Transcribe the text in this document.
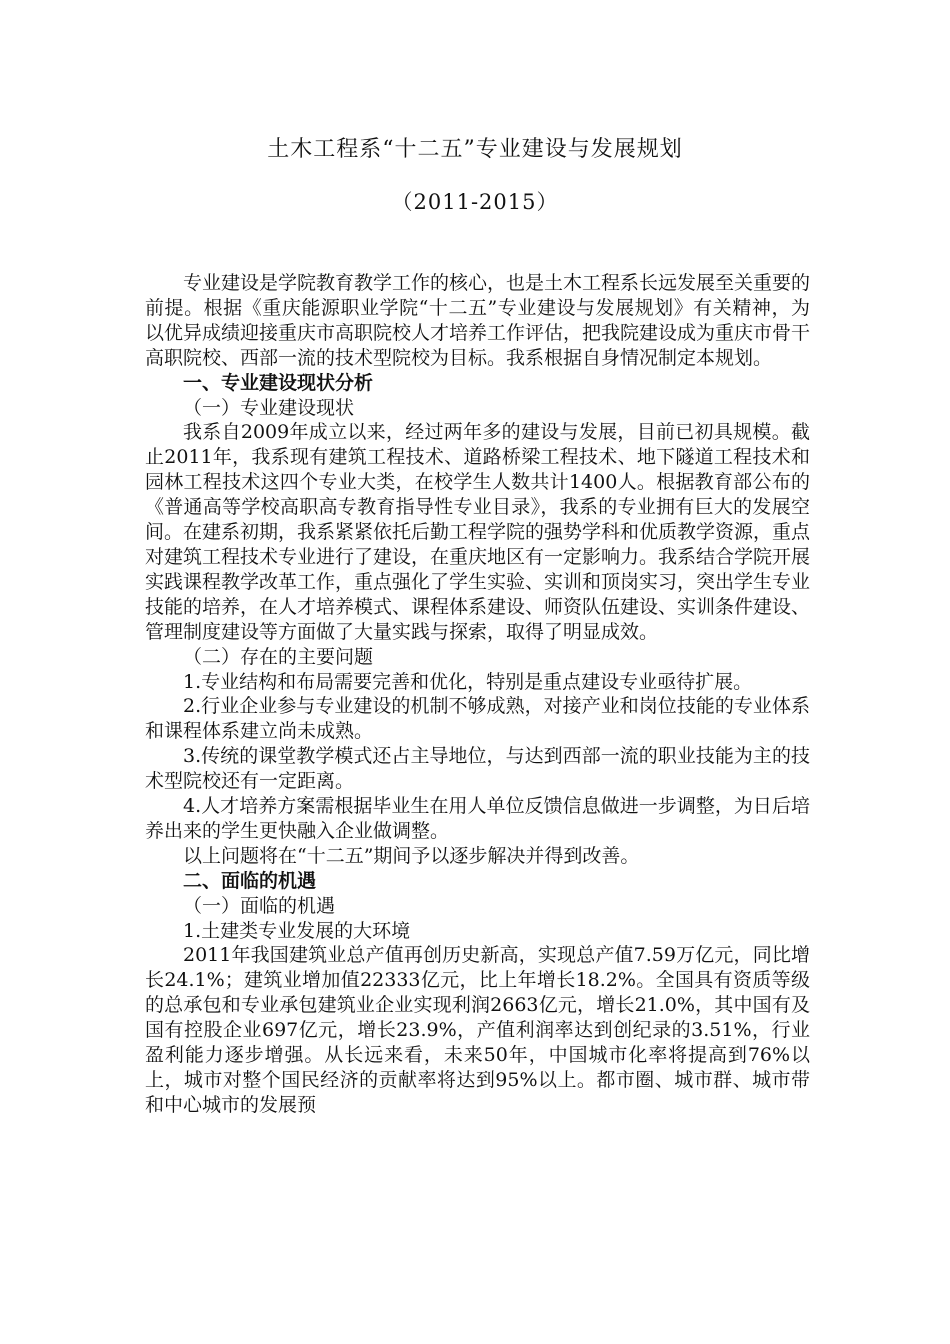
土木工程系“十二五”专业建设与发展规划
（2011-2015）

专业建设是学院教育教学工作的核心，也是土木工程系长远发展至关重要的前提。根据《重庆能源职业学院“十二五”专业建设与发展规划》有关精神，为以优异成绩迎接重庆市高职院校人才培养工作评估，把我院建设成为重庆市骨干高职院校、西部一流的技术型院校为目标。我系根据自身情况制定本规划。

一、专业建设现状分析

（一）专业建设现状

我系自2009年成立以来，经过两年多的建设与发展，目前已初具规模。截止2011年，我系现有建筑工程技术、道路桥梁工程技术、地下隧道工程技术和园林工程技术这四个专业大类，在校学生人数共计1400人。根据教育部公布的《普通高等学校高职高专教育指导性专业目录》，我系的专业拥有巨大的发展空间。在建系初期，我系紧紧依托后勤工程学院的强势学科和优质教学资源，重点对建筑工程技术专业进行了建设，在重庆地区有一定影响力。我系结合学院开展实践课程教学改革工作，重点强化了学生实验、实训和顶岗实习，突出学生专业技能的培养，在人才培养模式、课程体系建设、师资队伍建设、实训条件建设、管理制度建设等方面做了大量实践与探索，取得了明显成效。

（二）存在的主要问题

1.专业结构和布局需要完善和优化，特别是重点建设专业亟待扩展。

2.行业企业参与专业建设的机制不够成熟，对接产业和岗位技能的专业体系和课程体系建立尚未成熟。

3.传统的课堂教学模式还占主导地位，与达到西部一流的职业技能为主的技术型院校还有一定距离。

4.人才培养方案需根据毕业生在用人单位反馈信息做进一步调整，为日后培养出来的学生更快融入企业做调整。

以上问题将在“十二五”期间予以逐步解决并得到改善。

二、面临的机遇

（一）面临的机遇

1.土建类专业发展的大环境

2011年我国建筑业总产值再创历史新高，实现总产值7.59万亿元，同比增长24.1%；建筑业增加值22333亿元，比上年增长18.2%。全国具有资质等级的总承包和专业承包建筑业企业实现利润2663亿元，增长21.0%，其中国有及国有控股企业697亿元，增长23.9%，产值利润率达到创纪录的3.51%，行业盈利能力逐步增强。从长远来看，未来50年，中国城市化率将提高到76%以上，城市对整个国民经济的贡献率将达到95%以上。都市圈、城市群、城市带和中心城市的发展预
